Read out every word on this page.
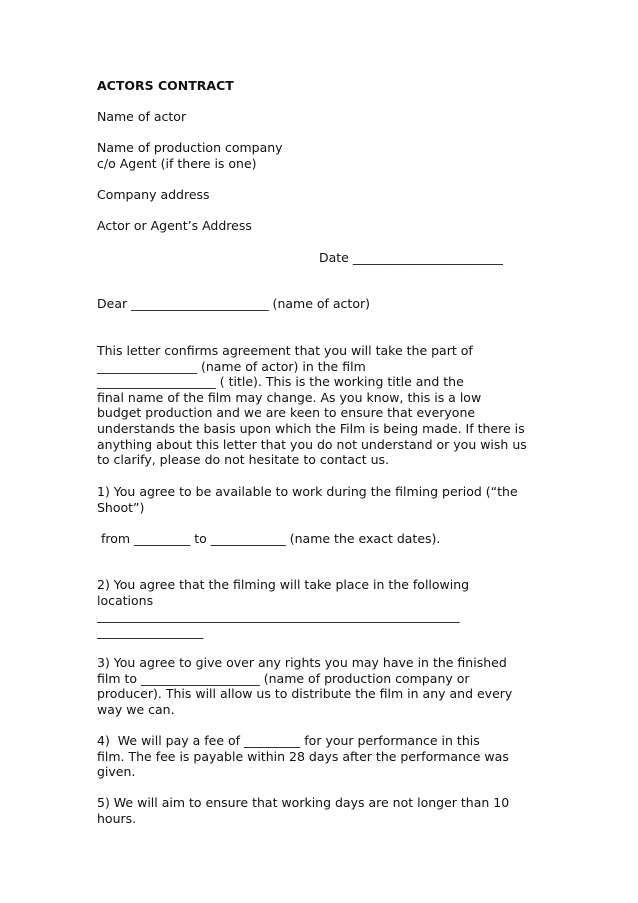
ACTORS CONTRACT
Name of actor
Name of production company
c/o Agent (if there is one)
Company address
Actor or Agent’s Address
Date ________________________
Dear ______________________ (name of actor)
This letter confirms agreement that you will take the part of
________________ (name of actor) in the film
___________________ ( title). This is the working title and the
final name of the film may change. As you know, this is a low
budget production and we are keen to ensure that everyone
understands the basis upon which the Film is being made. If there is
anything about this letter that you do not understand or you wish us
to clarify, please do not hesitate to contact us.
1) You agree to be available to work during the filming period (“the
Shoot”)
from _________ to ____________ (name the exact dates).
2) You agree that the filming will take place in the following
locations
__________________________________________________________
_________________
3) You agree to give over any rights you may have in the finished
film to ___________________ (name of production company or
producer). This will allow us to distribute the film in any and every
way we can.
4)  We will pay a fee of _________ for your performance in this
film. The fee is payable within 28 days after the performance was
given.
5) We will aim to ensure that working days are not longer than 10
hours.
